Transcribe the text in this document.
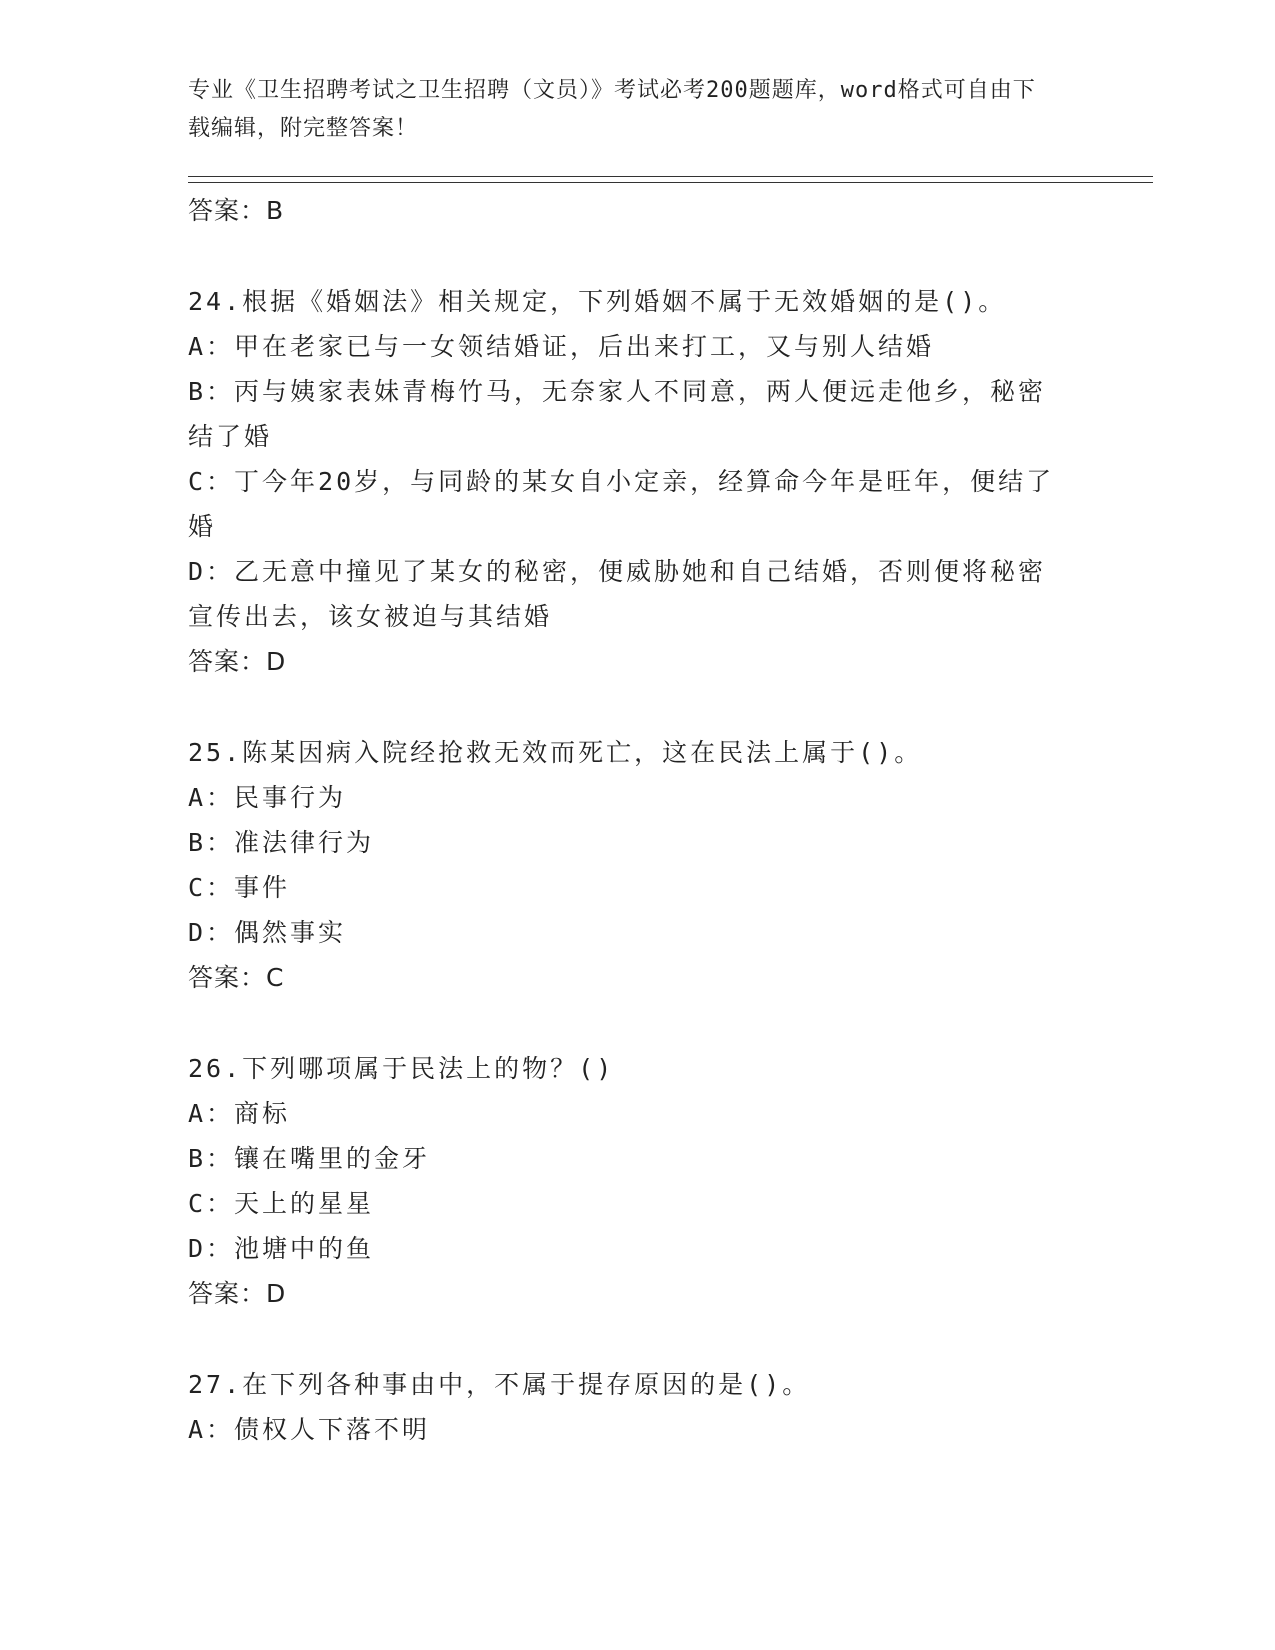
专业《卫生招聘考试之卫生招聘（文员）》考试必考200题题库，word格式可自由下载编辑，附完整答案！

答案：B

24.根据《婚姻法》相关规定，下列婚姻不属于无效婚姻的是()。

A：甲在老家已与一女领结婚证，后出来打工，又与别人结婚

B：丙与姨家表妹青梅竹马，无奈家人不同意，两人便远走他乡，秘密结了婚

C：丁今年20岁，与同龄的某女自小定亲，经算命今年是旺年，便结了婚

D：乙无意中撞见了某女的秘密，便威胁她和自己结婚，否则便将秘密宣传出去，该女被迫与其结婚

答案：D

25.陈某因病入院经抢救无效而死亡，这在民法上属于()。

A：民事行为

B：准法律行为

C：事件

D：偶然事实

答案：C

26.下列哪项属于民法上的物？()

A：商标

B：镶在嘴里的金牙

C：天上的星星

D：池塘中的鱼

答案：D

27.在下列各种事由中，不属于提存原因的是()。

A：债权人下落不明
